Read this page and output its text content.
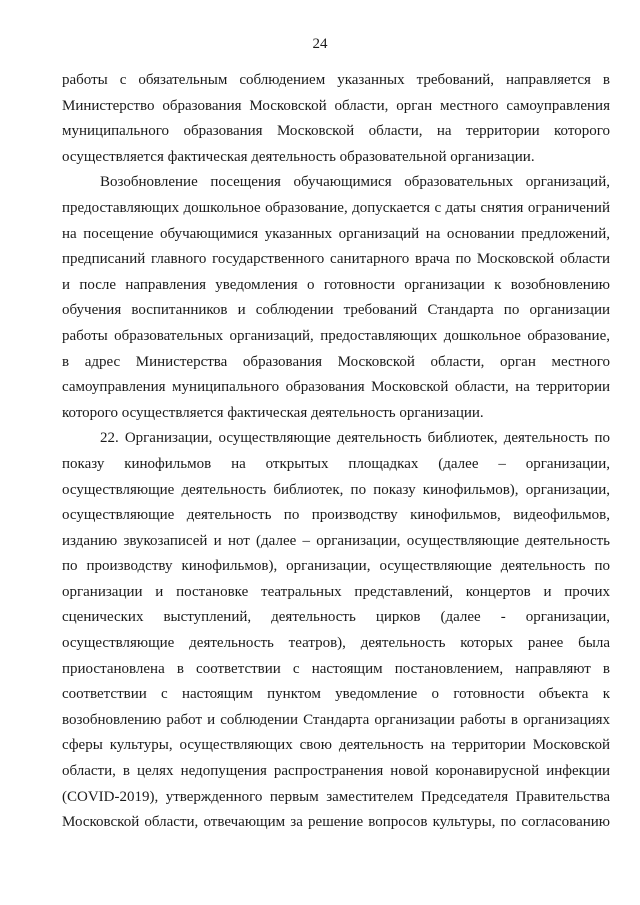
24
работы с обязательным соблюдением указанных требований, направляется в
Министерство образования Московской области, орган местного самоуправления
муниципального образования Московской области, на территории которого
осуществляется фактическая деятельность образовательной организации.
Возобновление посещения обучающимися образовательных организаций,
предоставляющих дошкольное образование, допускается с даты снятия ограничений
на посещение обучающимися указанных организаций на основании предложений,
предписаний главного государственного санитарного врача по Московской области
и после направления уведомления о готовности организации к возобновлению
обучения воспитанников и соблюдении требований Стандарта по организации
работы образовательных организаций, предоставляющих дошкольное образование,
в адрес Министерства образования Московской области, орган местного
самоуправления муниципального образования Московской области, на территории
которого осуществляется фактическая деятельность организации.
22. Организации, осуществляющие деятельность библиотек, деятельность по
показу кинофильмов на открытых площадках (далее – организации,
осуществляющие деятельность библиотек, по показу кинофильмов), организации,
осуществляющие деятельность по производству кинофильмов, видеофильмов,
изданию звукозаписей и нот (далее – организации, осуществляющие деятельность
по производству кинофильмов), организации, осуществляющие деятельность по
организации и постановке театральных представлений, концертов и прочих
сценических выступлений, деятельность цирков (далее - организации,
осуществляющие деятельность театров), деятельность которых ранее была
приостановлена в соответствии с настоящим постановлением, направляют в
соответствии с настоящим пунктом уведомление о готовности объекта к
возобновлению работ и соблюдении Стандарта организации работы в организациях
сферы культуры, осуществляющих свою деятельность на территории Московской
области, в целях недопущения распространения новой коронавирусной инфекции
(COVID-2019), утвержденного первым заместителем Председателя Правительства
Московской области, отвечающим за решение вопросов культуры, по согласованию
